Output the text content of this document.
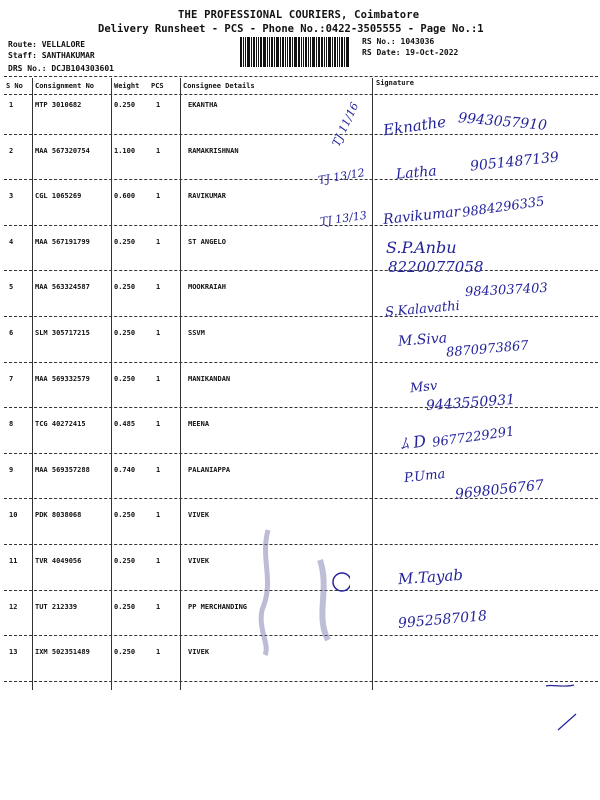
THE PROFESSIONAL COURIERS, Coimbatore
Delivery Runsheet - PCS - Phone No.:0422-3505555 - Page No.:1
Route: VELLALORE
Staff: SANTHAKUMAR
DRS No.: DCJB104303601
RS No.: 1043036
RS Date: 19-Oct-2022
S No Consignment No	Weight PCS	Consignee Details	Signature
1	MTP 3010682	0.250	1	EKANTHA
2	MAA 567320754	1.100	1	RAMAKRISHNAN
3	CGL 1065269	0.600	1	RAVIKUMAR
4	MAA 567191799	0.250	1	ST ANGELO
5	MAA 563324587	0.250	1	MOOKRAIAH
6	SLM 305717215	0.250	1	SSVM
7	MAA 569332579	0.250	1	MANIKANDAN
8	TCG 40272415	0.485	1	MEENA
9	MAA 569357288	0.740	1	PALANIAPPA
10	PDK 8038068	0.250	1	VIVEK
11	TVR 4049056	0.250	1	VIVEK
12	TUT 212339	0.250	1	PP MERCHANDING
13	IXM 502351489	0.250	1	VIVEK
Eknathe 9943057910
Latha 9051487139
Ravikumar 9884296335
S.P.Anbu
8220077058
9843037403
S.Kalavathi
M.Siva
8870973867
Msv
9443550931
ﾑ D 9677229291
P.Uma
9698056767
M.Tayab
9952587018
TJ 11/16
TJ 13/12
TJ 13/13
